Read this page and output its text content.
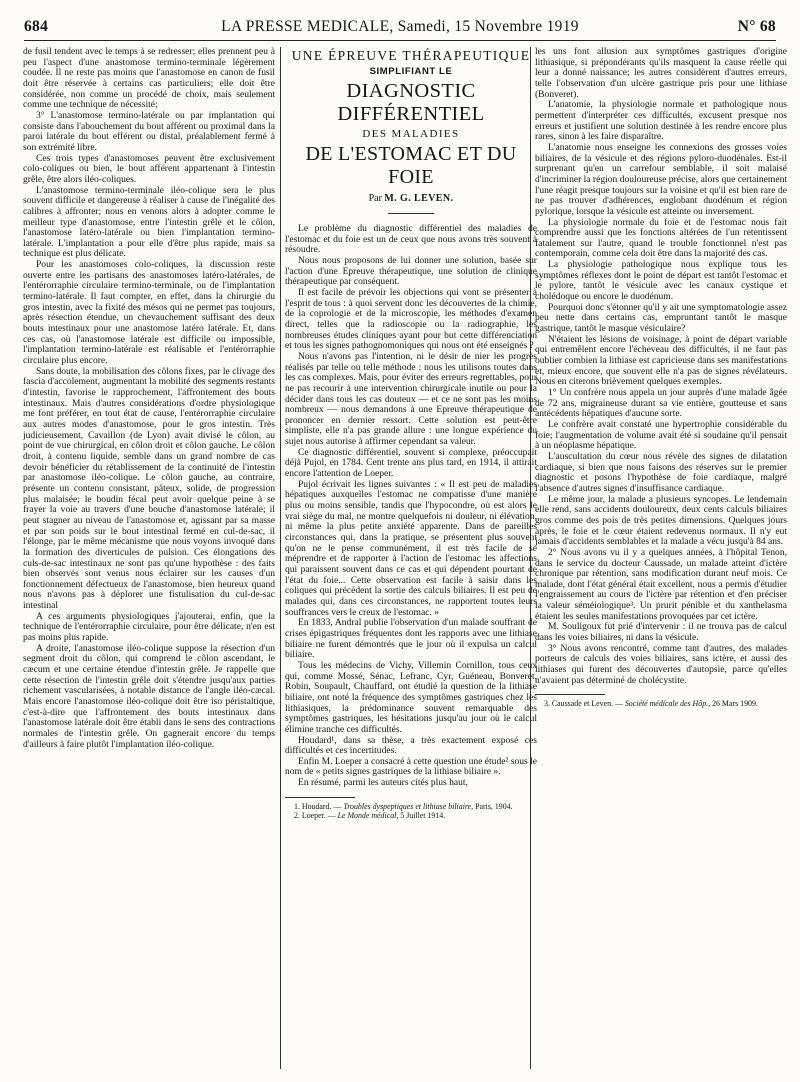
LA PRESSE MEDICALE, Samedi, 15 Novembre 1919
684	N° 68

de fusil tendent avec le temps à se redresser; elles prennent peu à peu l'aspect d'une anastomose termino-terminale légèrement coudée. Il ne reste pas moins que l'anastomose en canon de fusil doit être réservée à certains cas particuliers; elle doit être considérée, non comme un procédé de choix, mais seulement comme une technique de nécessité;

3° L'anastomose termino-latérale ou par implantation qui consiste dans l'abouchement du bout afférent ou proximal dans la paroi latérale du bout efférent ou distal, préalablement fermé à son extrémité libre.

Ces trois types d'anastomoses peuvent être exclusivement colo-coliques ou bien, le bout afférent appartenant à l'intestin grêle, être alors iléo-coliques.

L'anastomose termino-terminale iléo-colique sera le plus souvent difficile et dangereuse à réaliser à cause de l'inégalité des calibres à affronter; nous en venons alors à adopter comme le meilleur type d'anastomose, entre l'intestin grêle et le côlon, l'anastomose latéro-latérale ou bien l'implantation termino-latérale. L'implantation a pour elle d'être plus rapide, mais sa technique est plus délicate.

Pour les anastomoses colo-coliques, la discussion reste ouverte entre les partisans des anastomoses latéro-latérales, de l'entérorraphie circulaire termino-terminale, ou de l'implantation termino-latérale. Il faut compter, en effet, dans la chirurgie du gros intestin, avec la fixité des mésos qui ne permet pas toujours, après résection étendue, un chevauchement suffisant des deux bouts intestinaux pour une anastomose latéro latérale. Et, dans ces cas, où l'anastomose latérale est difficile ou impossible, l'implantation termino-latérale est réalisable et l'entérorraphie circulaire plus encore.

Sans doute, la mobilisation des côlons fixes, par le clivage des fascia d'accolement, augmentant la mobilité des segments restants d'intestin, favorise le rapprochement, l'affrontement des bouts intestinaux. Mais d'autres considérations d'ordre physiologique me font préférer, en tout état de cause, l'entérorraphie circulaire aux autres modes d'anastomose, pour le gros intestin. Très judicieusement, Cavaillon (de Lyon) avait divisé le côlon, au point de vue chirurgical, en côlon droit et côlon gauche. Le côlon droit, à contenu liquide, semble dans un grand nombre de cas devoir bénéficier du rétablissement de la continuité de l'intestin par anastomose iléo-colique. Le côlon gauche, au contraire, présente un contenu consistant, pâteux, solide, de progression plus malaisée; le boudin fécal peut avoir quelque peine à se frayer la voie au travers d'une bouche d'anastomose latérale; il peut stagner au niveau de l'anastomose et, agissant par sa masse et par son poids sur le bout intestinal fermé en cul-de-sac, il l'élonge, par le même mécanisme que nous voyons invoqué dans la formation des diverticules de pulsion. Ces élongations des culs-de-sac intestinaux ne sont pas qu'une hypothèse : des faits bien observés sont venus nous éclairer sur les causes d'un fonctionnement défectueux de l'anastomose, bien heureux quand nous n'avons pas à déplorer une fistulisation du cul-de-sac intestinal

A ces arguments physiologiques j'ajouterai, enfin, que la technique de l'entérorraphie circulaire, pour être délicate, n'en est pas moins plus rapide.

A droite, l'anastomose iléo-colique suppose la résection d'un segment droit du côlon, qui comprend le côlon ascendant, le cæcum et une certaine étendue d'intestin grêle. Je rappelle que cette résection de l'intestin grêle doit s'étendre jusqu'aux parties richement vascularisées, à notable distance de l'angle iléo-cæcal. Mais encore l'anastomose iléo-colique doit être iso péristaltique, c'est-à-dire que l'affrontement des bouts intestinaux dans l'anastomose latérale doit être établi dans le sens des contractions normales de l'intestin grêle. On gagnerait encore du temps d'ailleurs à faire plutôt l'implantation iléo-colique.

UNE ÉPREUVE THÉRAPEUTIQUE
SIMPLIFIANT LE
DIAGNOSTIC DIFFÉRENTIEL
DES MALADIES
DE L'ESTOMAC ET DU FOIE
Par M. G. LEVEN.

Le problème du diagnostic différentiel des maladies de l'estomac et du foie est un de ceux que nous avons très souvent à résoudre.

Nous nous proposons de lui donner une solution, basée sur l'action d'une Epreuve thérapeutique, une solution de clinique thérapeutique par conséquent.

Il est facile de prévoir les objections qui vont se présenter à l'esprit de tous : à quoi servent donc les découvertes de la chimie, de la coprologie et de la microscopie, les méthodes d'examen direct, telles que la radioscopie ou la radiographie, les nombreuses études cliniques ayant pour but cette différenciation et tous les signes pathognomoniques qui nous ont été enseignés ?

Nous n'avons pas l'intention, ni le désir de nier les progrès réalisés par telle ou telle méthode : nous les utilisons toutes dans les cas complexes. Mais, pour éviter des erreurs regrettables, pour ne pas recourir à une intervention chirurgicale inutile ou pour la décider dans tous les cas douteux — et ce ne sont pas les moins nombreux — nous demandons à une Epreuve thérapeutique de prononcer en dernier ressort. Cette solution est peut-être simpliste, elle n'a pas grande allure : une longue expérience du sujet nous autorise à affirmer cependant sa valeur.

Ce diagnostic différentiel, souvent si complexe, préoccupait déjà Pujol, en 1784. Cent trente ans plus tard, en 1914, il attirait encore l'attention de Loeper.

Pujol écrivait les lignes suivantes : « Il est peu de maladies hépatiques auxquelles l'estomac ne compatisse d'une manière plus ou moins sensible, tandis que l'hypocondre, où est alors le vrai siège du mal, ne montre quelquefois ni douleur, ni élévation, ni même la plus petite anxiété apparente. Dans de pareilles circonstances qui, dans la pratique, se présentent plus souvent qu'on ne le pense communément, il est très facile de se méprendre et de rapporter à l'action de l'estomac les affections qui paraissent souvent dans ce cas et qui dépendent pourtant de l'état du foie... Cette observation est facile à saisir dans les coliques qui précèdent la sortie des calculs biliaires. Il est peu de malades qui, dans ces circonstances, ne rapportent toutes leurs souffrances vers le creux de l'estomac. »

En 1833, Andral publie l'observation d'un malade souffrant de crises épigastriques fréquentes dont les rapports avec une lithiase biliaire ne furent démontrés que le jour où il expulsa un calcul biliaire.

Tous les médecins de Vichy, Villemin Cornillon, tous ceux qui, comme Mossé, Sénac, Lefranc, Cyr, Guéneau, Bonveret, Robin, Soupault, Chauffard, ont étudié la question de la lithiase biliaire, ont noté la fréquence des symptômes gastriques chez les lithiasiques, la prédominance souvent remarquable des symptômes gastriques, les hésitations jusqu'au jour où le calcul élimine tranche ces difficultés.

Houdard¹, dans sa thèse, a très exactement exposé ces difficultés et ces incertitudes.

Enfin M. Loeper a consacré à cette question une étude² sous le nom de « petits signes gastriques de la lithiase biliaire ».

En résumé, parmi les auteurs cités plus haut,

1. Houdard. — Troubles dyspeptiques et lithiase biliaire, Paris, 1904.
2. Loeper. — Le Monde médical, 5 Juillet 1914.

les uns font allusion aux symptômes gastriques d'origine lithiasique, si prépondérants qu'ils masquent la cause réelle qui leur a donné naissance; les autres considèrent d'autres erreurs, telle l'observation d'un ulcère gastrique pris pour une lithiase (Bonveret).

L'anatomie, la physiologie normale et pathologique nous permettent d'interpréter ces difficultés, excusent presque nos erreurs et justifient une solution destinée à les rendre encore plus rares, sinon à les faire disparaître.

L'anatomie nous enseigne les connexions des grosses voies biliaires, de la vésicule et des régions pyloro-duodénales. Est-il surprenant qu'en un carrefour semblable, il soit malaisé d'incriminer la région douloureuse précise, alors que certainement l'une réagit presque toujours sur la voisine et qu'il est bien rare de ne pas trouver d'adhérences, englobant duodénum et région pylorique, lorsque la vésicule est atteinte ou inversement.

La physiologie normale du foie et de l'estomac nous fait comprendre aussi que les fonctions altérées de l'un retentissent fatalement sur l'autre, quand le trouble fonctionnel n'est pas contemporain, comme cela doit être dans la majorité des cas.

La physiologie pathologique nous explique tous les symptômes réflexes dont le point de départ est tantôt l'estomac et le pylore, tantôt le vésicule avec les canaux cystique et cholédoque ou encore le duodénum.

Pourquoi donc s'étonner qu'il y ait une symptomatologie assez peu nette dans certains cas, empruntant tantôt le masque gastrique, tantôt le masque vésiculaire?

N'étaient les lésions de voisinage, à point de départ variable qui entremêlent encore l'écheveau des difficultés, il ne faut pas oublier combien la lithiase est capricieuse dans ses manifestations et, mieux encore, que souvent elle n'a pas de signes révélateurs. Nous en citerons brièvement quelques exemples.

1° Un confrère nous appela un jour auprès d'une malade âgée de 72 ans, migraineuse durant sa vie entière, goutteuse et sans antécédents hépatiques d'aucune sorte.

Le confrère avait constaté une hypertrophie considérable du foie; l'augmentation de volume avait été si soudaine qu'il pensait à un néoplasme hépatique.

L'auscultation du cœur nous révèle des signes de dilatation cardiaque, si bien que nous faisons des réserves sur le premier diagnostic et posons l'hypothèse de foie cardiaque, malgré l'absence d'autres signes d'insuffisance cardiaque.

Le même jour, la malade a plusieurs syncopes. Le lendemain elle rend, sans accidents douloureux, deux cents calculs biliaires gros comme des pois de très petites dimensions. Quelques jours après, le foie et le cœur étaient redevenus normaux. Il n'y eut jamais d'accidents semblables et la malade a vécu jusqu'à 84 ans.

2° Nous avons vu il y a quelques années, à l'hôpital Tenon, dans le service du docteur Caussade, un malade atteint d'ictère chronique par rétention, sans modification durant neuf mois. Ce malade, dont l'état général était excellent, nous a permis d'étudier l'engraissement au cours de l'ictère par rétention et d'en préciser la valeur séméiologique³. Un prurit pénible et du xanthelasma étaient les seules manifestations provoquées par cet ictère.

M. Souligoux fut prié d'intervenir : il ne trouva pas de calcul dans les voies biliaires, ni dans la vésicule.

3° Nous avons rencontré, comme tant d'autres, des malades porteurs de calculs des voies biliaires, sans ictère, et aussi des lithiases qui furent des découvertes d'autopsie, parce qu'elles n'avaient pas déterminé de cholécystite.

3. Caussade et Leven. — Société médicale des Hôp., 26 Mars 1909.
